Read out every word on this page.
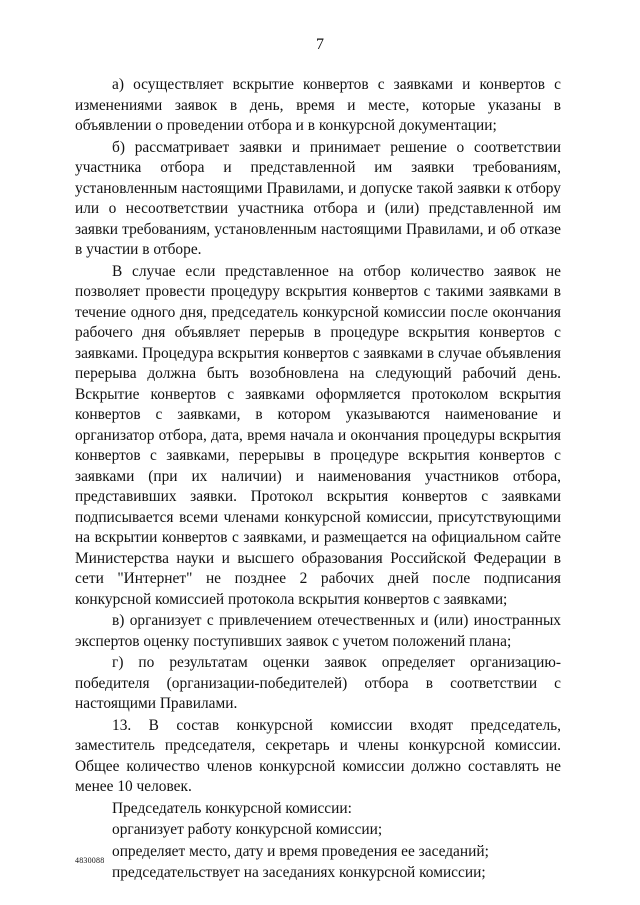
7

а) осуществляет вскрытие конвертов с заявками и конвертов с изменениями заявок в день, время и месте, которые указаны в объявлении о проведении отбора и в конкурсной документации;

б) рассматривает заявки и принимает решение о соответствии участника отбора и представленной им заявки требованиям, установленным настоящими Правилами, и допуске такой заявки к отбору или о несоответствии участника отбора и (или) представленной им заявки требованиям, установленным настоящими Правилами, и об отказе в участии в отборе.

В случае если представленное на отбор количество заявок не позволяет провести процедуру вскрытия конвертов с такими заявками в течение одного дня, председатель конкурсной комиссии после окончания рабочего дня объявляет перерыв в процедуре вскрытия конвертов с заявками. Процедура вскрытия конвертов с заявками в случае объявления перерыва должна быть возобновлена на следующий рабочий день. Вскрытие конвертов с заявками оформляется протоколом вскрытия конвертов с заявками, в котором указываются наименование и организатор отбора, дата, время начала и окончания процедуры вскрытия конвертов с заявками, перерывы в процедуре вскрытия конвертов с заявками (при их наличии) и наименования участников отбора, представивших заявки. Протокол вскрытия конвертов с заявками подписывается всеми членами конкурсной комиссии, присутствующими на вскрытии конвертов с заявками, и размещается на официальном сайте Министерства науки и высшего образования Российской Федерации в сети "Интернет" не позднее 2 рабочих дней после подписания конкурсной комиссией протокола вскрытия конвертов с заявками;

в) организует с привлечением отечественных и (или) иностранных экспертов оценку поступивших заявок с учетом положений плана;

г) по результатам оценки заявок определяет организацию-победителя (организации-победителей) отбора в соответствии с настоящими Правилами.

13. В состав конкурсной комиссии входят председатель, заместитель председателя, секретарь и члены конкурсной комиссии. Общее количество членов конкурсной комиссии должно составлять не менее 10 человек.

Председатель конкурсной комиссии:

организует работу конкурсной комиссии;

определяет место, дату и время проведения ее заседаний;

председательствует на заседаниях конкурсной комиссии;

4830088
